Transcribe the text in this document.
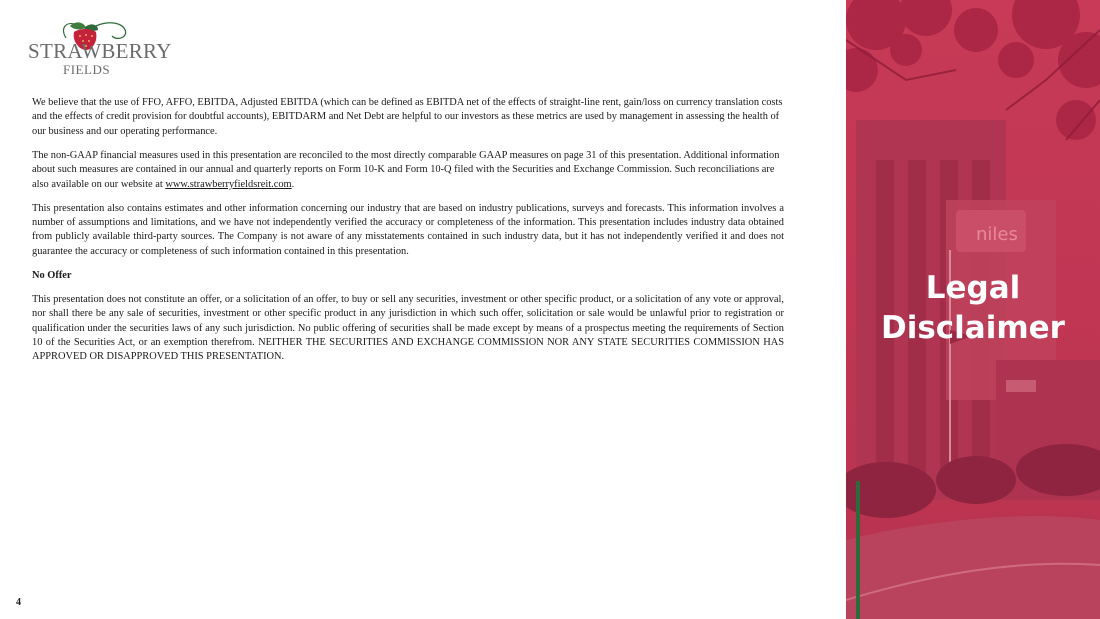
STRAWBERRY
FIELDS

We believe that the use of FFO, AFFO, EBITDA, Adjusted EBITDA (which can be defined as EBITDA net of the effects of straight-line rent, gain/loss on currency translation costs and the effects of credit provision for doubtful accounts), EBITDARM and Net Debt are helpful to our investors as these metrics are used by management in assessing the health of our business and our operating performance.

The non-GAAP financial measures used in this presentation are reconciled to the most directly comparable GAAP measures on page 31 of this presentation. Additional information about such measures are contained in our annual and quarterly reports on Form 10-K and Form 10-Q filed with the Securities and Exchange Commission. Such reconciliations are also available on our website at www.strawberryfieldsreit.com.

This presentation also contains estimates and other information concerning our industry that are based on industry publications, surveys and forecasts. This information involves a number of assumptions and limitations, and we have not independently verified the accuracy or completeness of the information. This presentation includes industry data obtained from publicly available third-party sources. The Company is not aware of any misstatements contained in such industry data, but it has not independently verified it and does not guarantee the accuracy or completeness of such information contained in this presentation.

No Offer

This presentation does not constitute an offer, or a solicitation of an offer, to buy or sell any securities, investment or other specific product, or a solicitation of any vote or approval, nor shall there be any sale of securities, investment or other specific product in any jurisdiction in which such offer, solicitation or sale would be unlawful prior to registration or qualification under the securities laws of any such jurisdiction. No public offering of securities shall be made except by means of a prospectus meeting the requirements of Section 10 of the Securities Act, or an exemption therefrom. NEITHER THE SECURITIES AND EXCHANGE COMMISSION NOR ANY STATE SECURITIES COMMISSION HAS APPROVED OR DISAPPROVED THIS PRESENTATION.

4
niles
Legal
Disclaimer
